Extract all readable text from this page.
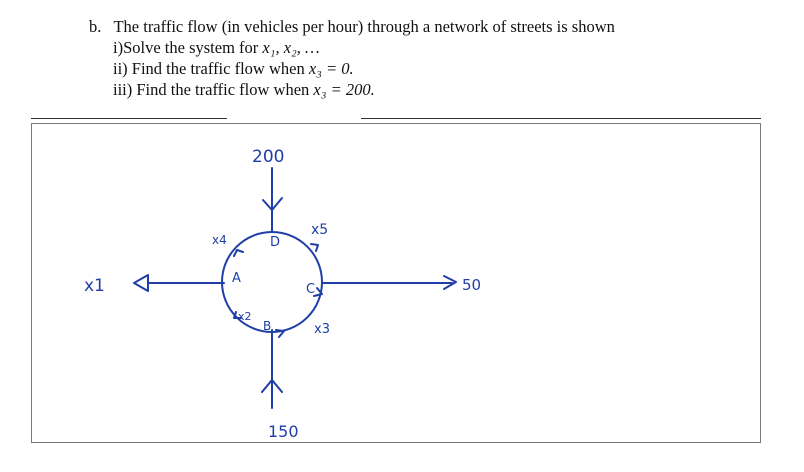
b. The traffic flow (in vehicles per hour) through a network of streets is shown
i)Solve the system for x₁, x₂, …
ii) Find the traffic flow when x₃ = 0.
iii) Find the traffic flow when x₃ = 200.
200
150
50
x1	A
B
C
D
x2
x3
x4
x5
